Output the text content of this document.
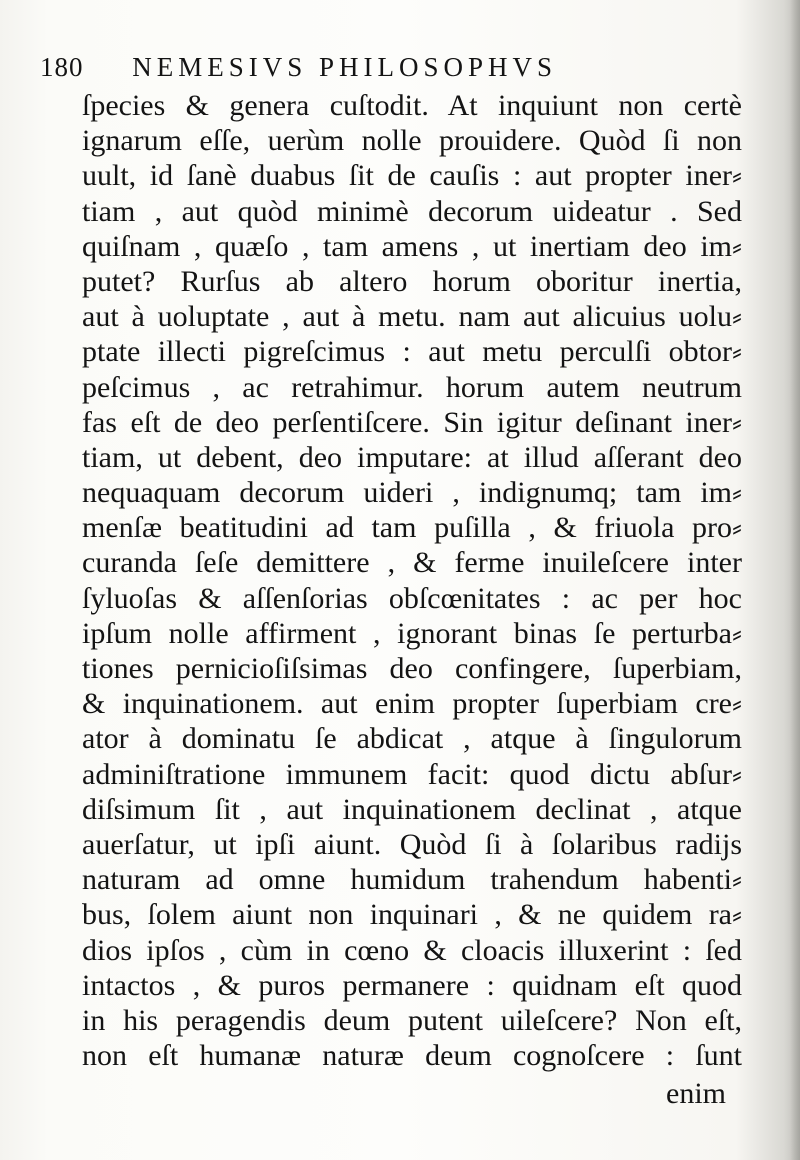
180 NEMESIVS PHILOSOPHVS
ſpecies & genera cuſtodit. At inquiunt non certè
ignarum eſſe, uerùm nolle prouidere. Quòd ſi non
uult, id ſanè duabus ſit de cauſis : aut propter iner⸗
tiam , aut quòd minimè decorum uideatur . Sed
quiſnam , quæſo , tam amens , ut inertiam deo im⸗
putet? Rurſus ab altero horum oboritur inertia,
aut à uoluptate , aut à metu. nam aut alicuius uolu⸗
ptate illecti pigreſcimus : aut metu perculſi obtor⸗
peſcimus , ac retrahimur. horum autem neutrum
fas eſt de deo perſentiſcere. Sin igitur deſinant iner⸗
tiam, ut debent, deo imputare: at illud aſſerant deo
nequaquam decorum uideri , indignumq; tam im⸗
menſæ beatitudini ad tam puſilla , & friuola pro⸗
curanda ſeſe demittere , & ferme inuileſcere inter
ſyluoſas & aſſenſorias obſcœnitates : ac per hoc
ipſum nolle affirment , ignorant binas ſe perturba⸗
tiones pernicioſiſsimas deo confingere, ſuperbiam,
& inquinationem. aut enim propter ſuperbiam cre⸗
ator à dominatu ſe abdicat , atque à ſingulorum
adminiſtratione immunem facit: quod dictu abſur⸗
diſsimum ſit , aut inquinationem declinat , atque
auerſatur, ut ipſi aiunt. Quòd ſi à ſolaribus radijs
naturam ad omne humidum trahendum habenti⸗
bus, ſolem aiunt non inquinari , & ne quidem ra⸗
dios ipſos , cùm in cœno & cloacis illuxerint : ſed
intactos , & puros permanere : quidnam eſt quod
in his peragendis deum putent uileſcere? Non eſt,
non eſt humanæ naturæ deum cognoſcere : ſunt
enim
